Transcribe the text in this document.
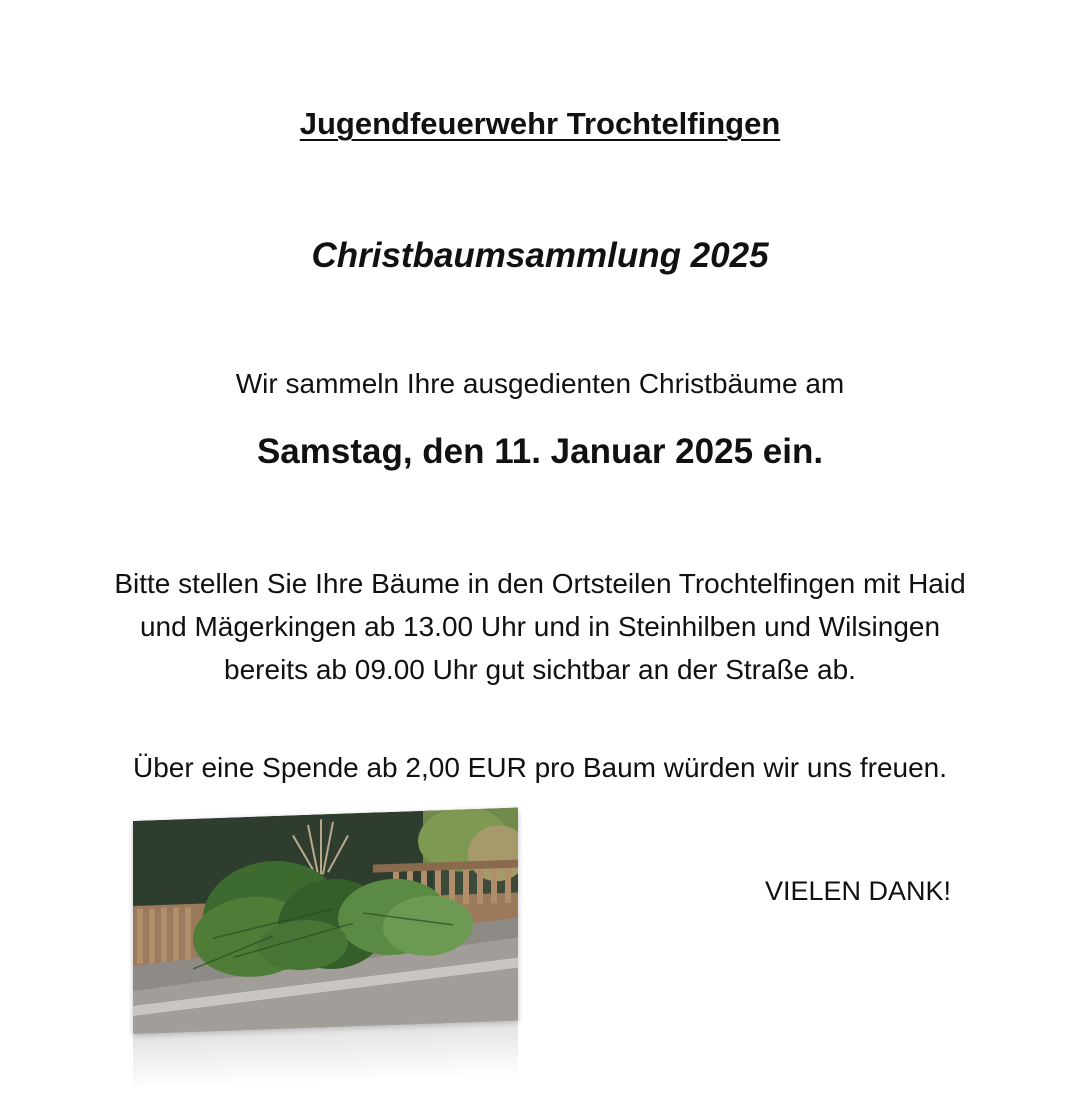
Jugendfeuerwehr Trochtelfingen
Christbaumsammlung 2025

Wir sammeln Ihre ausgedienten Christbäume am

Samstag, den 11. Januar 2025 ein.

Bitte stellen Sie Ihre Bäume in den Ortsteilen Trochtelfingen mit Haid
und Mägerkingen ab 13.00 Uhr und in Steinhilben und Wilsingen
bereits ab 09.00 Uhr gut sichtbar an der Straße ab.

Über eine Spende ab 2,00 EUR pro Baum würden wir uns freuen.

VIELEN DANK!
